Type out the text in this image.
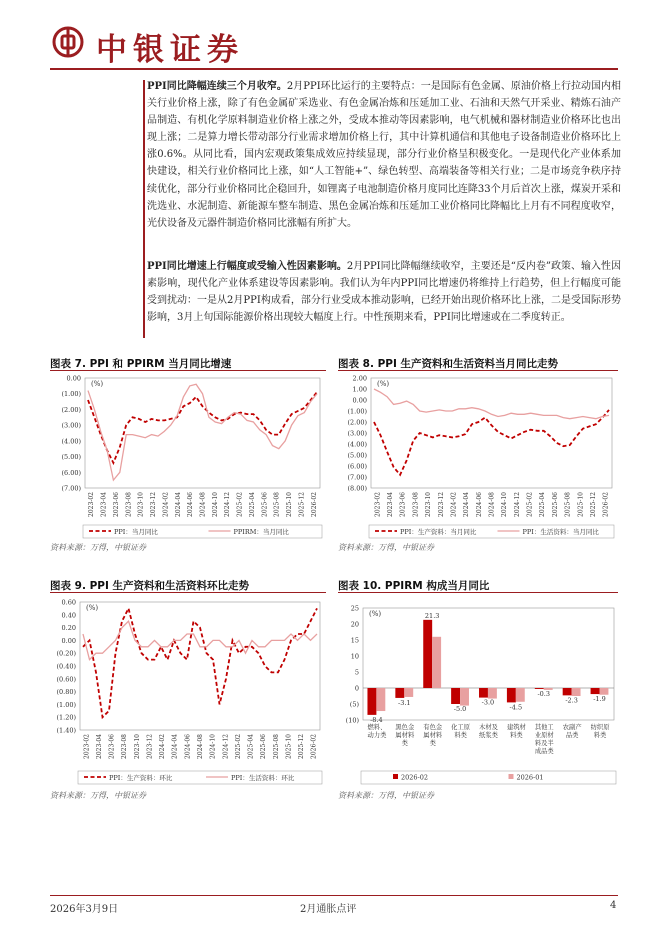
中银证券

PPI同比降幅连续三个月收窄。2月PPI环比运行的主要特点：一是国际有色金属、原油价格上行拉动国内相关行业价格上涨，除了有色金属矿采选业、有色金属冶炼和压延加工业、石油和天然气开采业、精炼石油产品制造、有机化学原料制造业价格上涨之外，受成本推动等因素影响，电气机械和器材制造业价格环比也出现上涨；二是算力增长带动部分行业需求增加价格上行，其中计算机通信和其他电子设备制造业价格环比上涨0.6%。从同比看，国内宏观政策集成效应持续显现，部分行业价格呈积极变化。一是现代化产业体系加快建设，相关行业价格同比上涨，如“人工智能+”、绿色转型、高端装备等相关行业；二是市场竞争秩序持续优化，部分行业价格同比企稳回升，如锂离子电池制造价格月度同比连降33个月后首次上涨，煤炭开采和洗选业、水泥制造、新能源车整车制造、黑色金属冶炼和压延加工业价格同比降幅比上月有不同程度收窄，光伏设备及元器件制造价格同比涨幅有所扩大。

PPI同比增速上行幅度或受输入性因素影响。2月PPI同比降幅继续收窄，主要还是“反内卷”政策、输入性因素影响，现代化产业体系建设等因素影响。我们认为年内PPI同比增速仍将维持上行趋势，但上行幅度可能受到扰动：一是从2月PPI构成看，部分行业受成本推动影响，已经开始出现价格环比上涨，二是受国际形势影响，3月上旬国际能源价格出现较大幅度上行。中性预期来看，PPI同比增速或在二季度转正。

图表 7. PPI 和 PPIRM 当月同比增速	图表 8. PPI 生产资料和生活资料当月同比走势
图表 9. PPI 生产资料和生活资料环比走势	图表 10. PPIRM 构成当月同比
(%)
0.00
(1.00)
(2.00)
(3.00)
(4.00)
(5.00)
(6.00)
(7.00)
2023-02 2023-04 2023-06 2023-08 2023-10 2023-12 2024-02 2024-04 2024-06 2024-08 2024-10 2024-12 2025-02 2025-04 2025-06 2025-08 2025-10 2025-12 2026-02
PPI：当月同比	PPIRM：当月同比
(%)
2.00
1.00
0.00
(1.00)
(2.00)
(3.00)
(4.00)
(5.00)
(6.00)
(7.00)
(8.00)
2023-02 2023-04 2023-06 2023-08 2023-10 2023-12 2024-02 2024-04 2024-06 2024-08 2024-10 2024-12 2025-02 2025-04 2025-06 2025-08 2025-10 2025-12 2026-02
PPI：生产资料：当月同比	PPI：生活资料：当月同比
(%)
0.60
0.40
0.20
0.00
(0.20)
(0.40)
(0.60)
(0.80)
(1.00)
(1.20)
(1.40)
2023-02 2023-04 2023-06 2023-08 2023-10 2023-12 2024-02 2024-04 2024-06 2024-08 2024-10 2024-12 2025-02 2025-04 2025-06 2025-08 2025-10 2025-12 2026-02
PPI：生产资料：环比	PPI：生活资料：环比
(%)
25
20
15
10
5
0
(5)
(10) -8.4
-3.1
21.3
-5.0
-3.0
-4.5
-0.3
-2.3 -1.9
燃料、
动力类
黑色金
属材料
类
有色金
属材料
类
化工原
料类
木材及
纸浆类
建筑材
料类
其他工
业原材
料及半
成品类
农副产
品类
纺织原
料类
2026-02	2026-01
资料来源：万得，中银证券	资料来源：万得，中银证券
资料来源：万得，中银证券	资料来源：万得，中银证券
2026年3月9日	2月通胀点评	4
